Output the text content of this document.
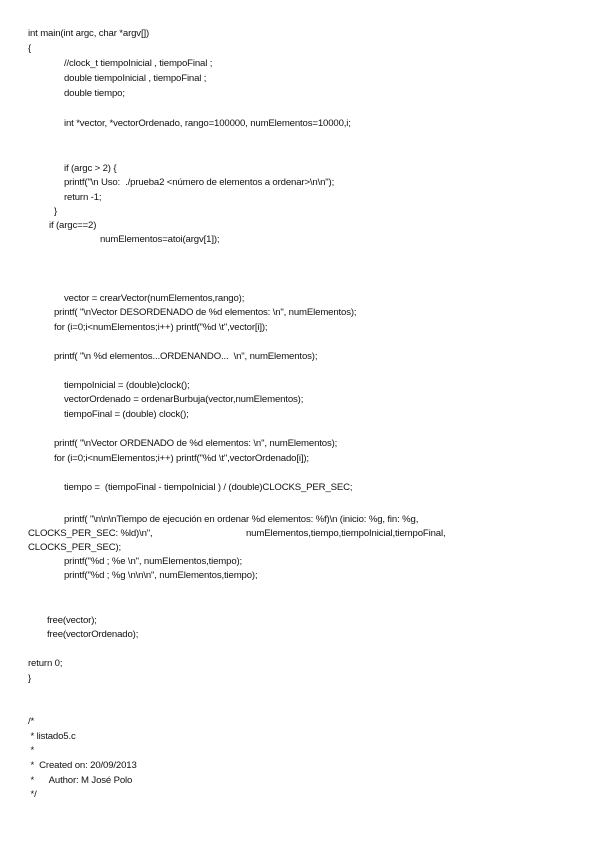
int main(int argc, char *argv[])
{
//clock_t tiempoInicial , tiempoFinal ;
double tiempoInicial , tiempoFinal ;
double tiempo;
int *vector, *vectorOrdenado, rango=100000, numElementos=10000,i;
if (argc > 2) {
printf("\n Uso:  ./prueba2 <número de elementos a ordenar>\n\n");
return -1;
}
if (argc==2)
numElementos=atoi(argv[1]);
vector = crearVector(numElementos,rango);
printf( "\nVector DESORDENADO de %d elementos: \n", numElementos);
for (i=0;i<numElementos;i++) printf("%d \t",vector[i]);
printf( "\n %d elementos...ORDENANDO...  \n", numElementos);
tiempoInicial = (double)clock();
vectorOrdenado = ordenarBurbuja(vector,numElementos);
tiempoFinal = (double) clock();
printf( "\nVector ORDENADO de %d elementos: \n", numElementos);
for (i=0;i<numElementos;i++) printf("%d \t",vectorOrdenado[i]);
tiempo =  (tiempoFinal - tiempoInicial ) / (double)CLOCKS_PER_SEC;
printf( "\n\n\nTiempo de ejecución en ordenar %d elementos: %f)\n (inicio: %g, fin: %g,
CLOCKS_PER_SEC: %ld)\n",	numElementos,tiempo,tiempoInicial,tiempoFinal,
CLOCKS_PER_SEC);
printf("%d ; %e \n", numElementos,tiempo);
printf("%d ; %g \n\n\n", numElementos,tiempo);
free(vector);
free(vectorOrdenado);
return 0;
}
/*
* listado5.c
*
*  Created on: 20/09/2013
*      Author: M José Polo
*/
